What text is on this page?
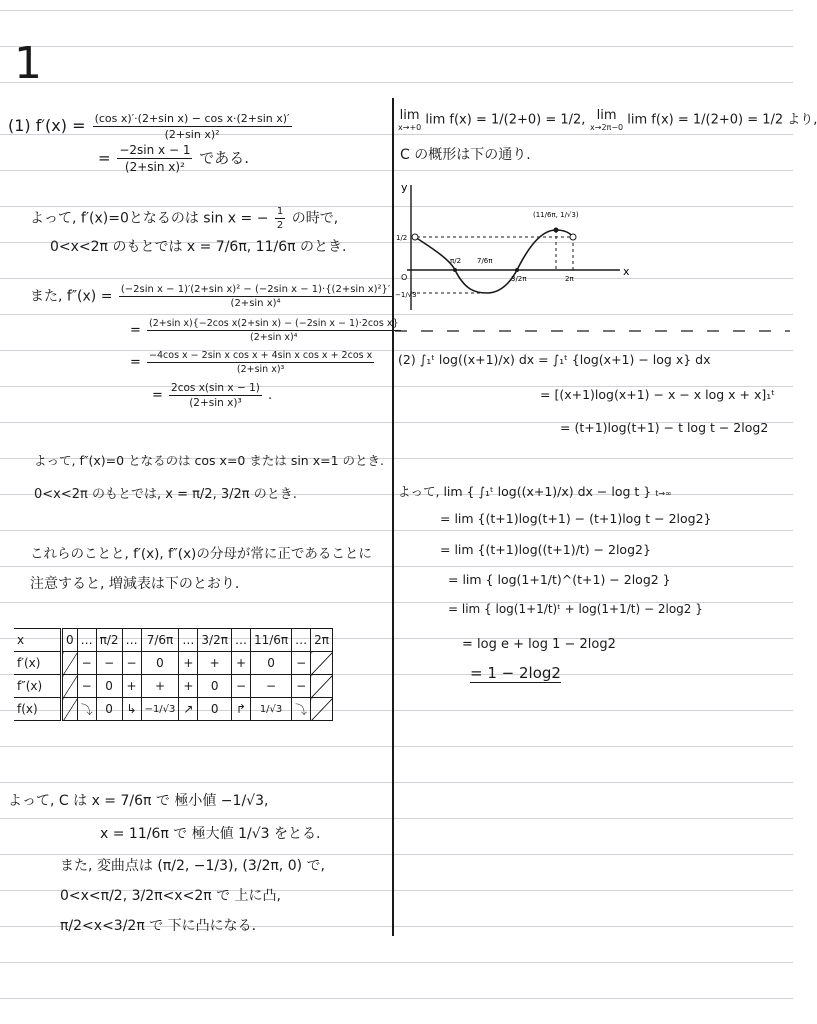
1
(1) $f'(x) = \frac{\text{(cos x)′·(2+sin x) − cos x·(2+sin x)′}}{\text{(2+sin x)²}}$
= $\frac{\text{−2sin x − 1}}{\text{(2+sin x)²}}$ である.
よって, f′(x)=0となるのは sin x = − $\frac{1}{2}$ の時で,
0<x<2π のもとでは x = 7/6π, 11/6π のとき.
また, $f''(x) = \frac{\text{(−2sin x − 1)′(2+sin x)² − (−2sin x − 1)·\{(2+sin x)²\}′}}{\text{(2+sin x)⁴}}$
= $\frac{\text{(2+sin x)\{−2cos x(2+sin x) − (−2sin x − 1)·2cos x\}}}{\text{(2+sin x)⁴}}$
= $\frac{\text{−4cos x − 2sin x cos x + 4sin x cos x + 2cos x}}{\text{(2+sin x)³}}$
= $\frac{\text{2cos x(sin x − 1)}}{\text{(2+sin x)³}}$ .
よって, f″(x)=0 となるのは cos x=0 または sin x=1 のとき.
0<x<2π のもとでは, x = π/2, 3/2π のとき.
これらのことと, f′(x), f″(x)の分母が常に正であることに
注意すると, 増減表は下のとおり.
x	0	…	π/2	…	7/6π	…	3/2π	…	11/6π	…	2π
f′(x)		−	−	−	0	+	+	+	0	−	
f″(x)		−	0	+	+	+	0	−	−	−	
f(x)		⤵	0	↳	−1/√3	↗	0	↱	1/√3	⤵	
よって, C は x = 7/6π で 極小値 −1/√3,
x = 11/6π で 極大値 1/√3 をとる.
また, 変曲点は (π/2, −1/3), (3/2π, 0) で,
0<x<π/2, 3/2π<x<2π で 上に凸,
π/2<x<3/2π で 下に凸になる.
lim
x→+0 lim f(x) = 1/(2+0) = 1/2, lim
x→2π−0 lim f(x) = 1/(2+0) = 1/2 より,
C の概形は下の通り.
y
x
O
1/2
−1/√3
π/2 7/6π
3/2π	2π
(11/6π, 1/√3)
(2) ∫₁ᵗ log((x+1)/x) dx = ∫₁ᵗ {log(x+1) − log x} dx
= [(x+1)log(x+1) − x − x log x + x]₁ᵗ
= (t+1)log(t+1) − t log t − 2log2
よって, lim { ∫₁ᵗ log((x+1)/x) dx − log t } t→∞
= lim {(t+1)log(t+1) − (t+1)log t − 2log2}
= lim {(t+1)log((t+1)/t) − 2log2}
= lim { log(1+1/t)^(t+1) − 2log2 }
= lim { log(1+1/t)ᵗ + log(1+1/t) − 2log2 }
= log e + log 1 − 2log2
= 1 − 2log2
